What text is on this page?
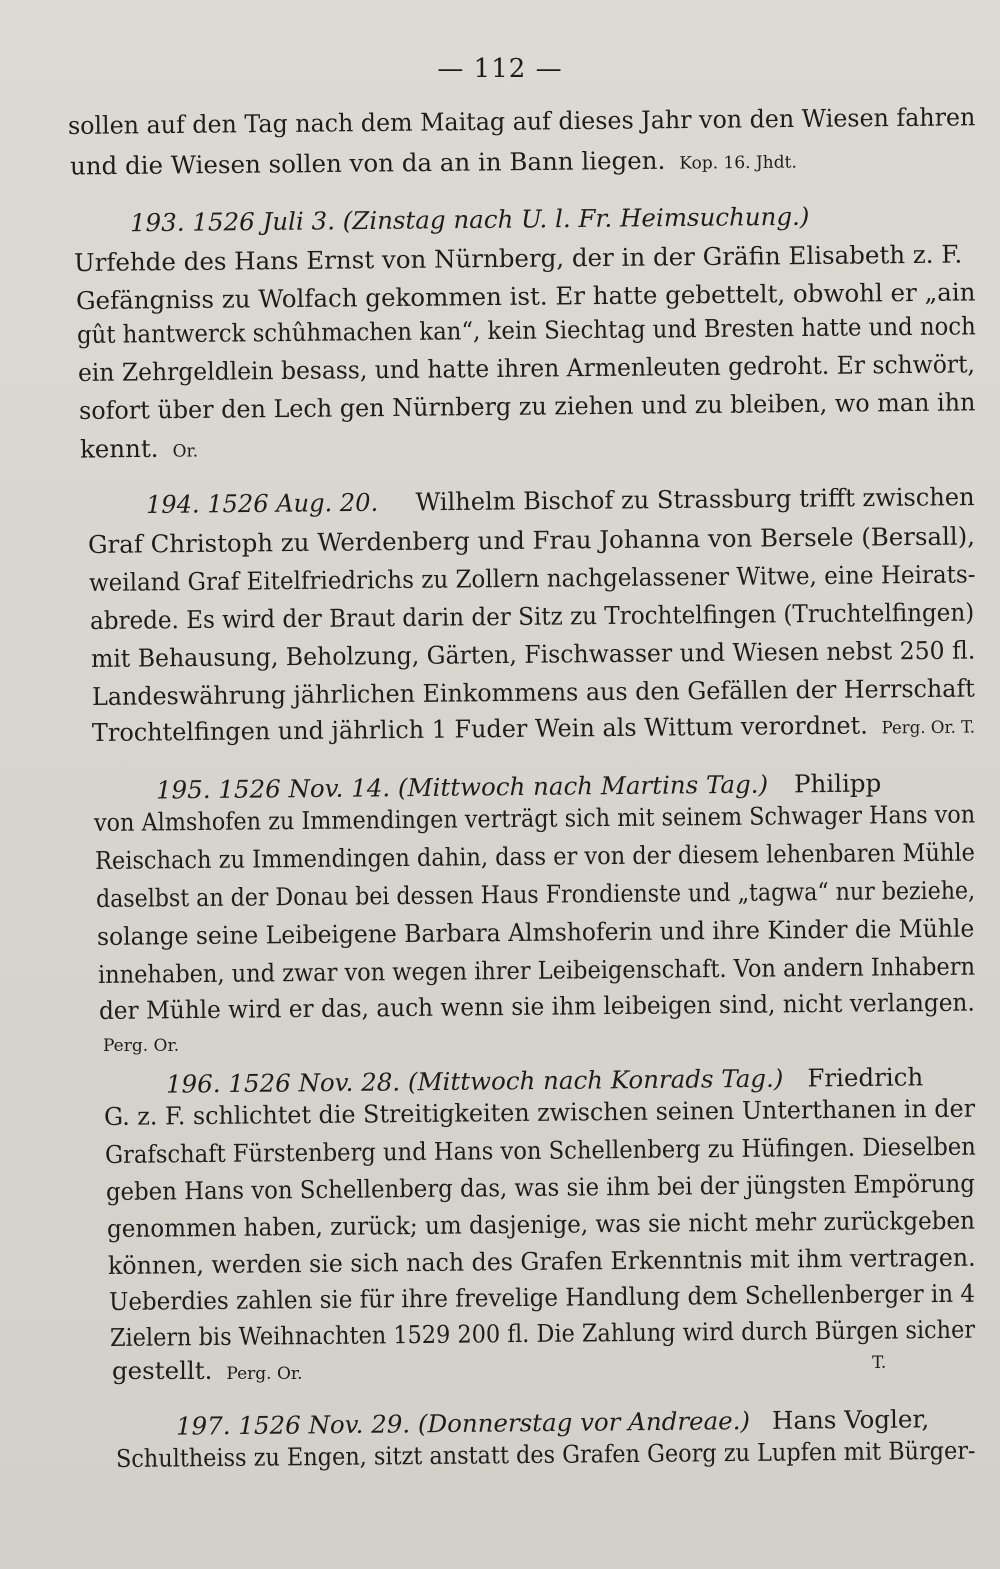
— 112 —
sollen auf den Tag nach dem Maitag auf dieses Jahr von den Wiesen fahren
und die Wiesen sollen von da an in Bann liegen. Kop. 16. Jhdt.
193. 1526 Juli 3. (Zinstag nach U. l. Fr. Heimsuchung.)
Urfehde des Hans Ernst von Nürnberg, der in der Gräfin Elisabeth z. F.
Gefängniss zu Wolfach gekommen ist. Er hatte gebettelt, obwohl er „ain
gût hantwerck schûhmachen kan“, kein Siechtag und Bresten hatte und noch
ein Zehrgeldlein besass, und hatte ihren Armenleuten gedroht. Er schwört,
sofort über den Lech gen Nürnberg zu ziehen und zu bleiben, wo man ihn
kennt. Or.
194. 1526 Aug. 20. Wilhelm Bischof zu Strassburg trifft zwischen
Graf Christoph zu Werdenberg und Frau Johanna von Bersele (Bersall),
weiland Graf Eitelfriedrichs zu Zollern nachgelassener Witwe, eine Heirats-
abrede. Es wird der Braut darin der Sitz zu Trochtelfingen (Truchtelfingen)
mit Behausung, Beholzung, Gärten, Fischwasser und Wiesen nebst 250 fl.
Landeswährung jährlichen Einkommens aus den Gefällen der Herrschaft
Trochtelfingen und jährlich 1 Fuder Wein als Wittum verordnet. Perg. Or. T.
195. 1526 Nov. 14. (Mittwoch nach Martins Tag.) Philipp
von Almshofen zu Immendingen verträgt sich mit seinem Schwager Hans von
Reischach zu Immendingen dahin, dass er von der diesem lehenbaren Mühle
daselbst an der Donau bei dessen Haus Frondienste und „tagwa“ nur beziehe,
solange seine Leibeigene Barbara Almshoferin und ihre Kinder die Mühle
innehaben, und zwar von wegen ihrer Leibeigenschaft. Von andern Inhabern
der Mühle wird er das, auch wenn sie ihm leibeigen sind, nicht verlangen.
Perg. Or.
196. 1526 Nov. 28. (Mittwoch nach Konrads Tag.) Friedrich
G. z. F. schlichtet die Streitigkeiten zwischen seinen Unterthanen in der
Grafschaft Fürstenberg und Hans von Schellenberg zu Hüfingen. Dieselben
geben Hans von Schellenberg das, was sie ihm bei der jüngsten Empörung
genommen haben, zurück; um dasjenige, was sie nicht mehr zurückgeben
können, werden sie sich nach des Grafen Erkenntnis mit ihm vertragen.
Ueberdies zahlen sie für ihre frevelige Handlung dem Schellenberger in 4
Zielern bis Weihnachten 1529 200 fl. Die Zahlung wird durch Bürgen sicher
gestellt. Perg. Or.
T.
197. 1526 Nov. 29. (Donnerstag vor Andreae.) Hans Vogler,
Schultheiss zu Engen, sitzt anstatt des Grafen Georg zu Lupfen mit Bürger-
